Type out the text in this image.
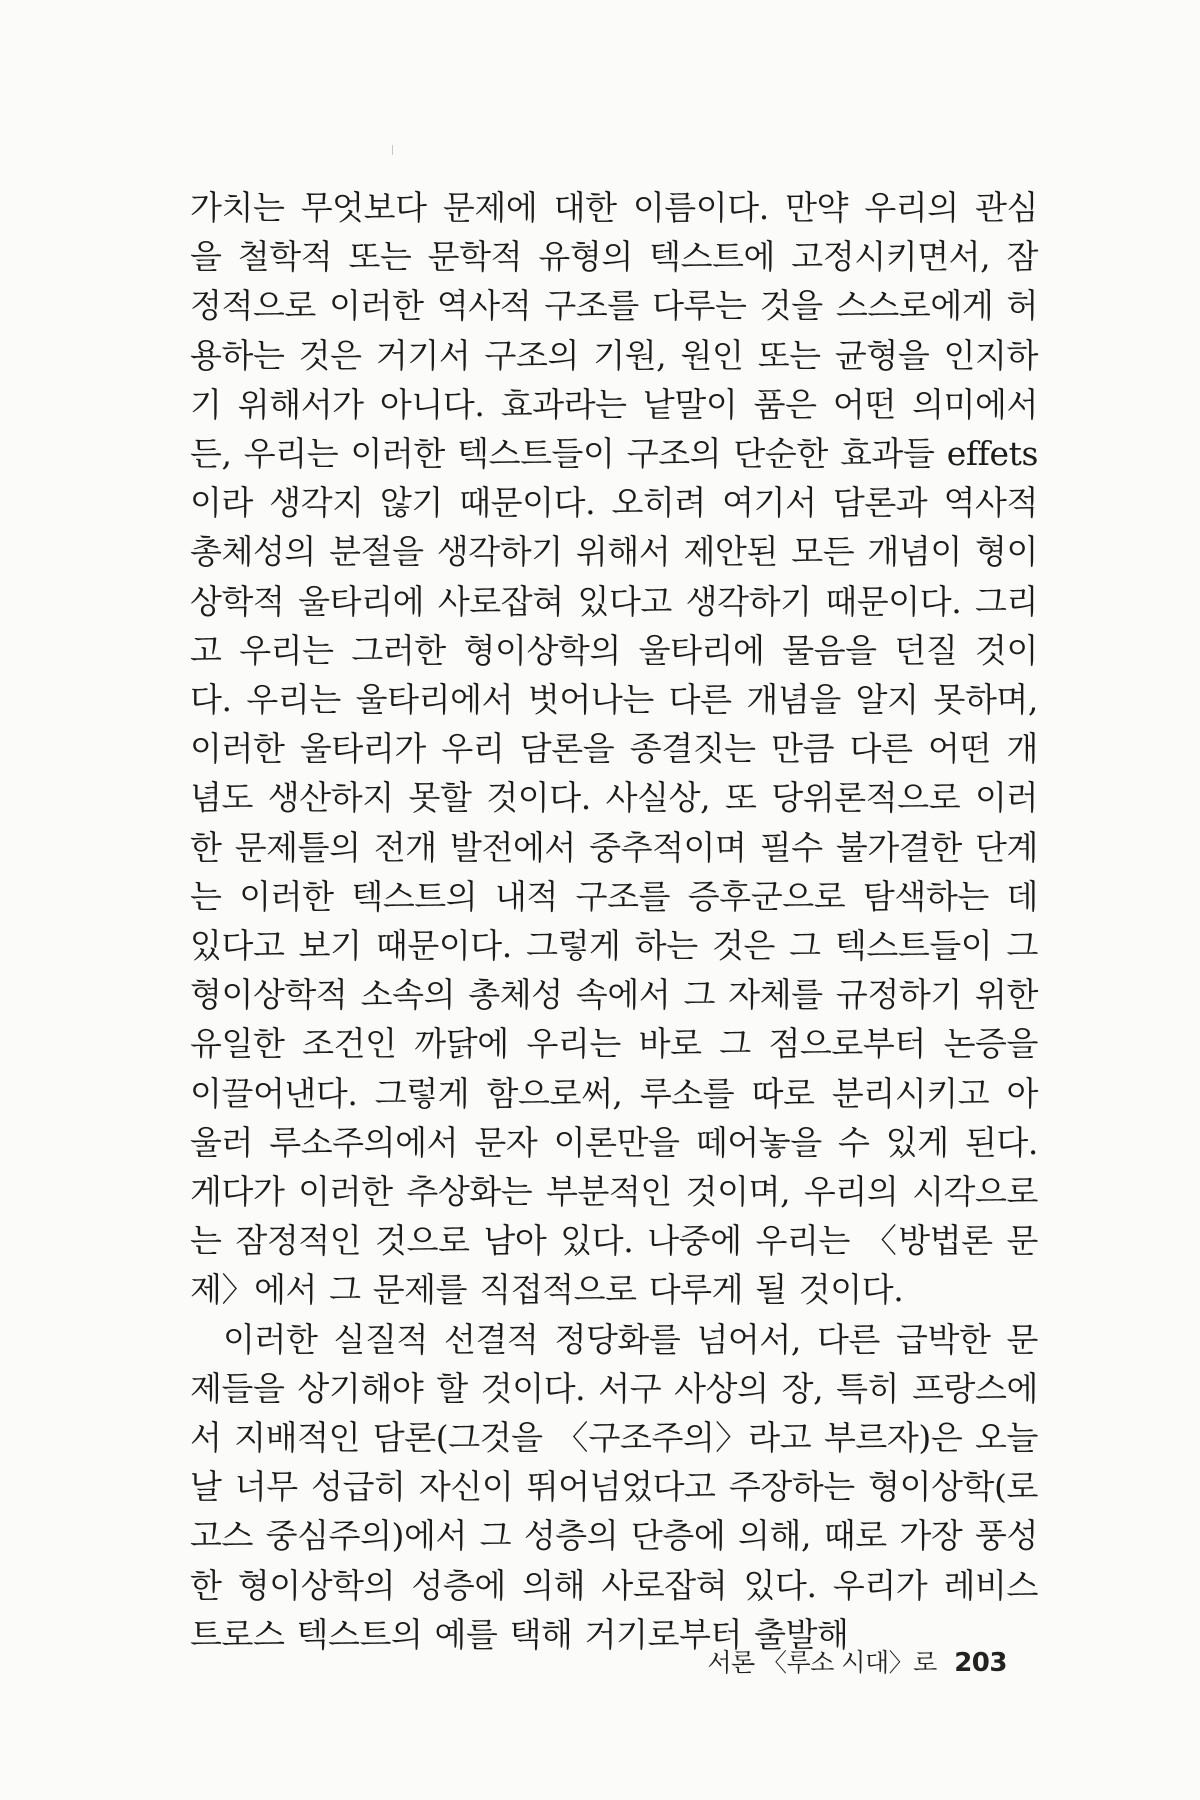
가치는 무엇보다 문제에 대한 이름이다. 만약 우리의 관심을 철학적 또는 문학적 유형의 텍스트에 고정시키면서, 잠정적으로 이러한 역사적 구조를 다루는 것을 스스로에게 허용하는 것은 거기서 구조의 기원, 원인 또는 균형을 인지하기 위해서가 아니다. 효과라는 낱말이 품은 어떤 의미에서든, 우리는 이러한 텍스트들이 구조의 단순한 효과들 effets이라 생각지 않기 때문이다. 오히려 여기서 담론과 역사적 총체성의 분절을 생각하기 위해서 제안된 모든 개념이 형이상학적 울타리에 사로잡혀 있다고 생각하기 때문이다. 그리고 우리는 그러한 형이상학의 울타리에 물음을 던질 것이다. 우리는 울타리에서 벗어나는 다른 개념을 알지 못하며, 이러한 울타리가 우리 담론을 종결짓는 만큼 다른 어떤 개념도 생산하지 못할 것이다. 사실상, 또 당위론적으로 이러한 문제틀의 전개 발전에서 중추적이며 필수 불가결한 단계는 이러한 텍스트의 내적 구조를 증후군으로 탐색하는 데 있다고 보기 때문이다. 그렇게 하는 것은 그 텍스트들이 그 형이상학적 소속의 총체성 속에서 그 자체를 규정하기 위한 유일한 조건인 까닭에 우리는 바로 그 점으로부터 논증을 이끌어낸다. 그렇게 함으로써, 루소를 따로 분리시키고 아울러 루소주의에서 문자 이론만을 떼어놓을 수 있게 된다. 게다가 이러한 추상화는 부분적인 것이며, 우리의 시각으로는 잠정적인 것으로 남아 있다. 나중에 우리는 〈방법론 문제〉에서 그 문제를 직접적으로 다루게 될 것이다.

이러한 실질적 선결적 정당화를 넘어서, 다른 급박한 문제들을 상기해야 할 것이다. 서구 사상의 장, 특히 프랑스에서 지배적인 담론(그것을 〈구조주의〉라고 부르자)은 오늘날 너무 성급히 자신이 뛰어넘었다고 주장하는 형이상학(로고스 중심주의)에서 그 성층의 단층에 의해, 때로 가장 풍성한 형이상학의 성층에 의해 사로잡혀 있다. 우리가 레비스트로스 텍스트의 예를 택해 거기로부터 출발해

서론 〈루소 시대〉로 203
